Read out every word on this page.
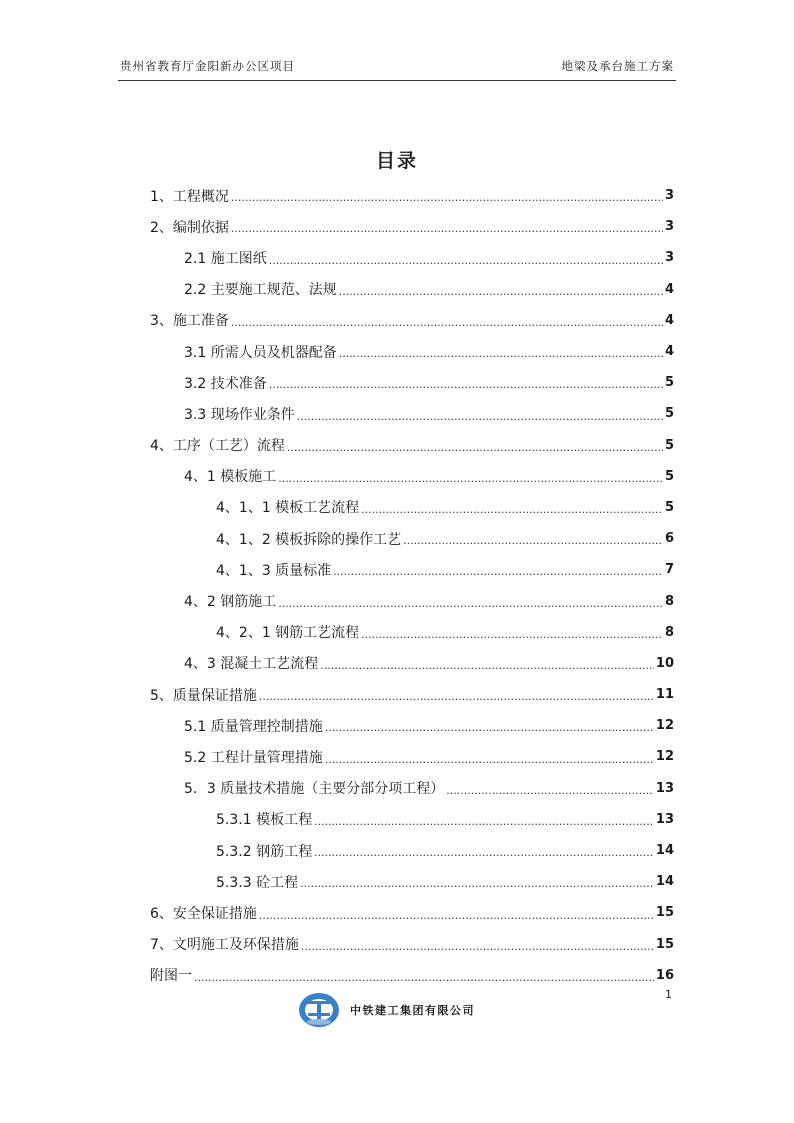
贵州省教育厅金阳新办公区项目	地梁及承台施工方案
目录
1、工程概况 .....	3
2、编制依据 .....	3
2.1 施工图纸 .....	3
2.2 主要施工规范、法规 .....	4
3、施工准备 .....	4
3.1 所需人员及机器配备 .....	4
3.2 技术准备 .....	5
3.3 现场作业条件 .....	5
4、工序（工艺）流程 .....	5
4、1 模板施工 .....	5
4、1、1 模板工艺流程 .....	5
4、1、2 模板拆除的操作工艺 .....	6
4、1、3 质量标准 .....	7
4、2 钢筋施工 .....	8
4、2、1 钢筋工艺流程 .....	8
4、3 混凝土工艺流程 .....	10
5、质量保证措施 .....	11
5.1 质量管理控制措施 .....	12
5.2 工程计量管理措施 .....	12
5．3 质量技术措施（主要分部分项工程） .....	13
5.3.1 模板工程 .....	13
5.3.2 钢筋工程 .....	14
5.3.3 砼工程 .....	14
6、安全保证措施 .....	15
7、文明施工及环保措施 .....	15
附图一 .....	16
1
中铁建工集团有限公司
